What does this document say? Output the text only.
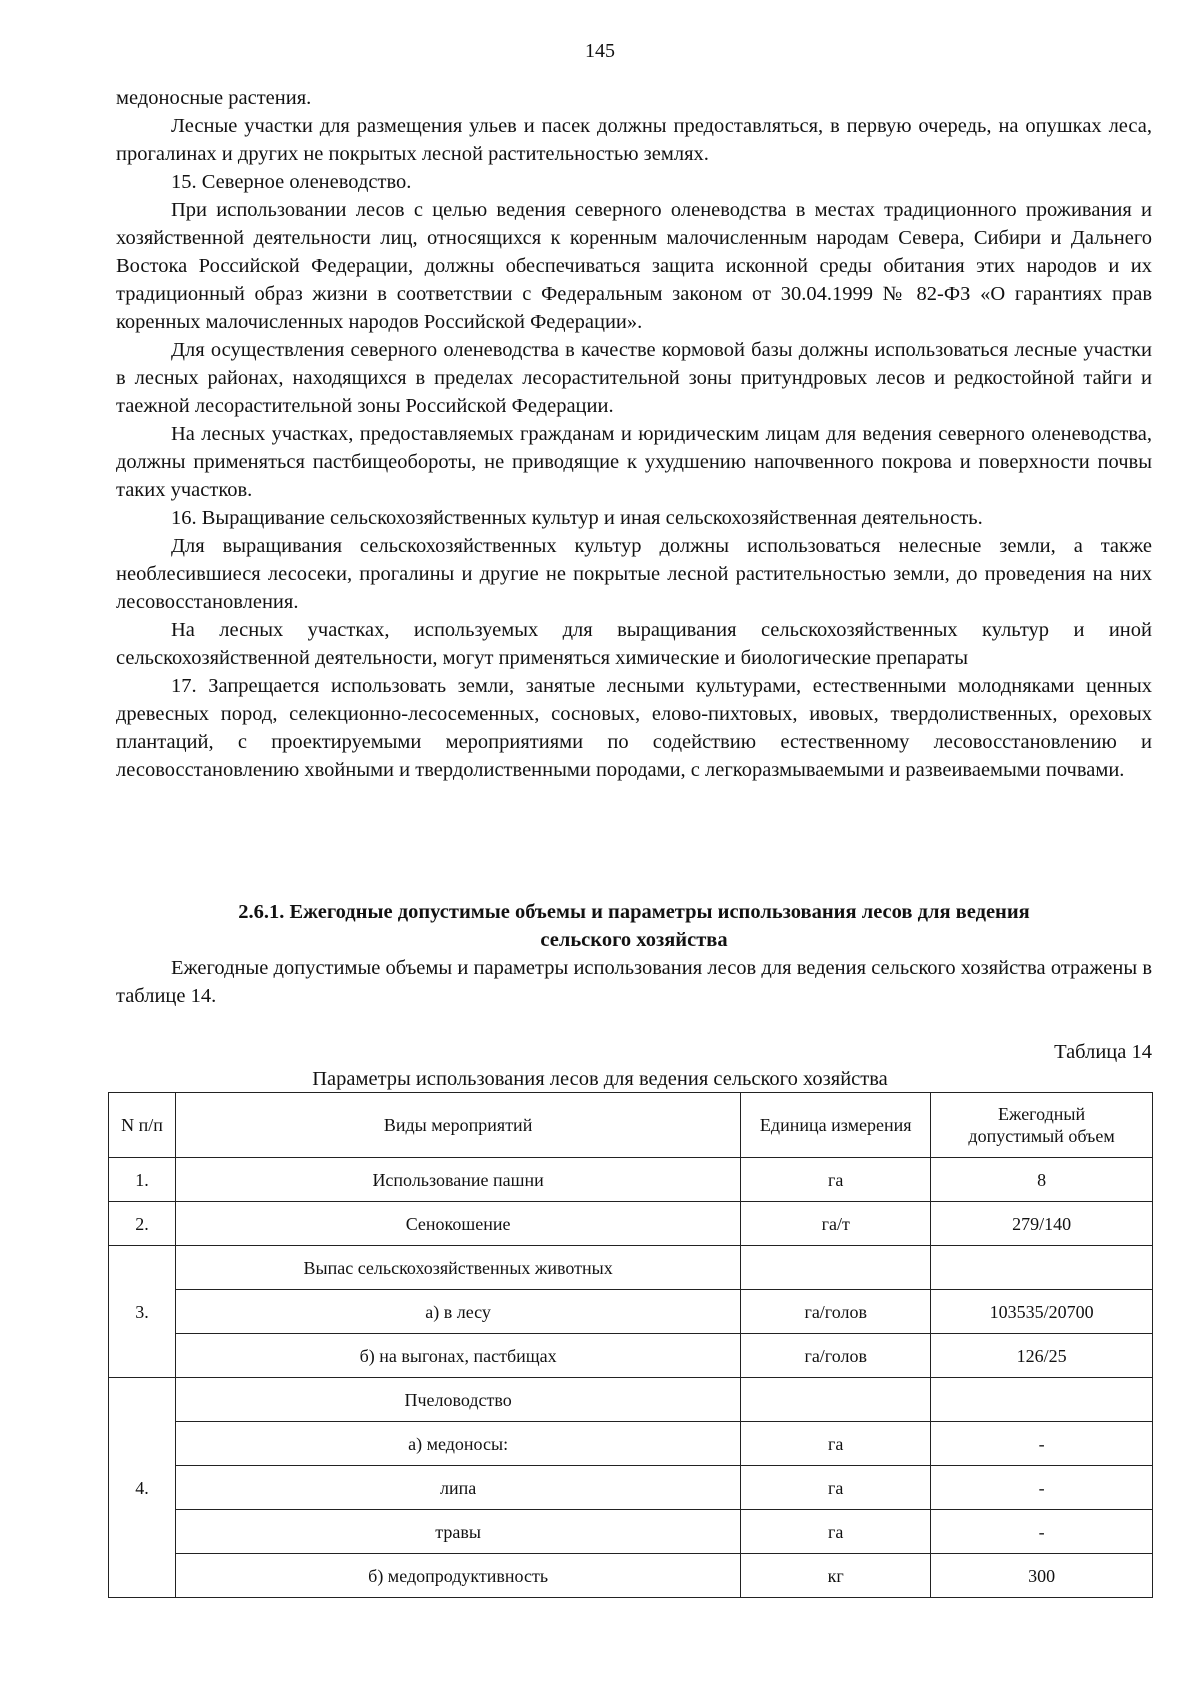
145

медоносные растения.

Лесные участки для размещения ульев и пасек должны предоставляться, в первую очередь, на опушках леса, прогалинах и других не покрытых лесной растительностью землях.

15. Северное оленеводство.

При использовании лесов с целью ведения северного оленеводства в местах традиционного проживания и хозяйственной деятельности лиц, относящихся к коренным малочисленным народам Севера, Сибири и Дальнего Востока Российской Федерации, должны обеспечиваться защита исконной среды обитания этих народов и их традиционный образ жизни в соответствии с Федеральным законом от 30.04.1999 № 82-ФЗ «О гарантиях прав коренных малочисленных народов Российской Федерации».

Для осуществления северного оленеводства в качестве кормовой базы должны использоваться лесные участки в лесных районах, находящихся в пределах лесорастительной зоны притундровых лесов и редкостойной тайги и таежной лесорастительной зоны Российской Федерации.

На лесных участках, предоставляемых гражданам и юридическим лицам для ведения северного оленеводства, должны применяться пастбищеобороты, не приводящие к ухудшению напочвенного покрова и поверхности почвы таких участков.

16. Выращивание сельскохозяйственных культур и иная сельскохозяйственная деятельность.

Для выращивания сельскохозяйственных культур должны использоваться нелесные земли, а также необлесившиеся лесосеки, прогалины и другие не покрытые лесной растительностью земли, до проведения на них лесовосстановления.

На лесных участках, используемых для выращивания сельскохозяйственных культур и иной сельскохозяйственной деятельности, могут применяться химические и биологические препараты

17. Запрещается использовать земли, занятые лесными культурами, естественными молодняками ценных древесных пород, селекционно-лесосеменных, сосновых, елово-пихтовых, ивовых, твердолиственных, ореховых плантаций, с проектируемыми мероприятиями по содействию естественному лесовосстановлению и лесовосстановлению хвойными и твердолиственными породами, с легкоразмываемыми и развеиваемыми почвами.

2.6.1. Ежегодные допустимые объемы и параметры использования лесов для ведения
сельского хозяйства

Ежегодные допустимые объемы и параметры использования лесов для ведения сельского хозяйства отражены в таблице 14.

Таблица 14
Параметры использования лесов для ведения сельского хозяйства
N п/п	Виды мероприятий	Единица измерения	Ежегодный
допустимый объем
1.	Использование пашни	га	8
2.	Сенокошение	га/т	279/140
3.	Выпас сельскохозяйственных животных		
	а) в лесу	га/голов	103535/20700
	б) на выгонах, пастбищах	га/голов	126/25
4.	Пчеловодство		
	а) медоносы:	га	-
	липа	га	-
	травы	га	-
	б) медопродуктивность	кг	300
